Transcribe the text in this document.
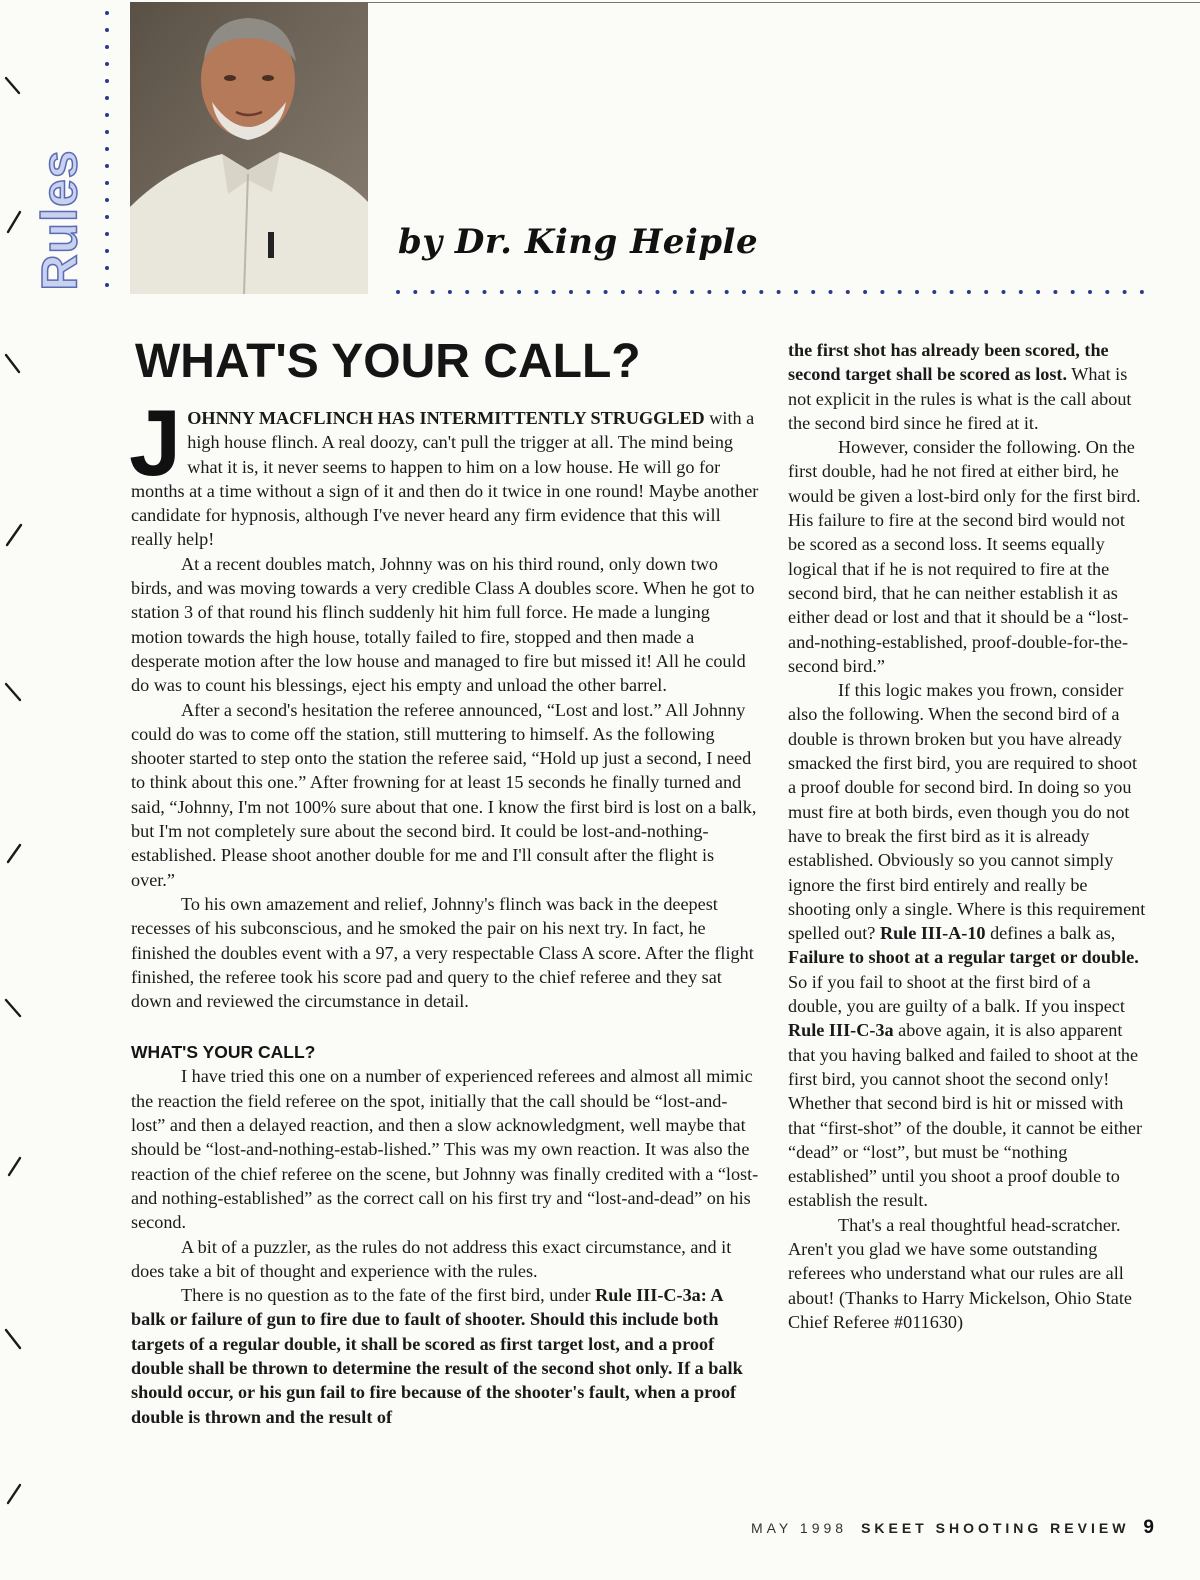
Rules	by Dr. King Heiple
WHAT'S YOUR CALL?

JOHNNY MACFLINCH HAS INTERMITTENTLY STRUGGLED with a high house flinch. A real doozy, can't pull the trigger at all. The mind being what it is, it never seems to happen to him on a low house. He will go for months at a time without a sign of it and then do it twice in one round! Maybe another candidate for hypnosis, although I've never heard any firm evidence that this will really help!

At a recent doubles match, Johnny was on his third round, only down two birds, and was moving towards a very credible Class A doubles score. When he got to station 3 of that round his flinch suddenly hit him full force. He made a lunging motion towards the high house, totally failed to fire, stopped and then made a desperate motion after the low house and managed to fire but missed it! All he could do was to count his blessings, eject his empty and unload the other barrel.

After a second's hesitation the referee announced, “Lost and lost.” All Johnny could do was to come off the station, still muttering to himself. As the following shooter started to step onto the station the referee said, “Hold up just a second, I need to think about this one.” After frowning for at least 15 seconds he finally turned and said, “Johnny, I'm not 100% sure about that one. I know the first bird is lost on a balk, but I'm not completely sure about the second bird. It could be lost-and-nothing-established. Please shoot another double for me and I'll consult after the flight is over.”

To his own amazement and relief, Johnny's flinch was back in the deepest recesses of his subconscious, and he smoked the pair on his next try. In fact, he finished the doubles event with a 97, a very respectable Class A score. After the flight finished, the referee took his score pad and query to the chief referee and they sat down and reviewed the circumstance in detail.

WHAT'S YOUR CALL?

I have tried this one on a number of experienced referees and almost all mimic the reaction the field referee on the spot, initially that the call should be “lost-and-lost” and then a delayed reaction, and then a slow acknowledgment, well maybe that should be “lost-and-nothing-estab-lished.” This was my own reaction. It was also the reaction of the chief referee on the scene, but Johnny was finally credited with a “lost-and nothing-established” as the correct call on his first try and “lost-and-dead” on his second.

A bit of a puzzler, as the rules do not address this exact circumstance, and it does take a bit of thought and experience with the rules.

There is no question as to the fate of the first bird, under Rule III-C-3a: A balk or failure of gun to fire due to fault of shooter. Should this include both targets of a regular double, it shall be scored as first target lost, and a proof double shall be thrown to determine the result of the second shot only. If a balk should occur, or his gun fail to fire because of the shooter's fault, when a proof double is thrown and the result of

the first shot has already been scored, the second target shall be scored as lost. What is not explicit in the rules is what is the call about the second bird since he fired at it.

However, consider the following. On the first double, had he not fired at either bird, he would be given a lost-bird only for the first bird. His failure to fire at the second bird would not be scored as a second loss. It seems equally logical that if he is not required to fire at the second bird, that he can neither establish it as either dead or lost and that it should be a “lost-and-nothing-established, proof-double-for-the-second bird.”

If this logic makes you frown, consider also the following. When the second bird of a double is thrown broken but you have already smacked the first bird, you are required to shoot a proof double for second bird. In doing so you must fire at both birds, even though you do not have to break the first bird as it is already established. Obviously so you cannot simply ignore the first bird entirely and really be shooting only a single. Where is this requirement spelled out? Rule III-A-10 defines a balk as, Failure to shoot at a regular target or double. So if you fail to shoot at the first bird of a double, you are guilty of a balk. If you inspect Rule III-C-3a above again, it is also apparent that you having balked and failed to shoot at the first bird, you cannot shoot the second only! Whether that second bird is hit or missed with that “first-shot” of the double, it cannot be either “dead” or “lost”, but must be “nothing established” until you shoot a proof double to establish the result.

That's a real thoughtful head-scratcher. Aren't you glad we have some outstanding referees who understand what our rules are all about! (Thanks to Harry Mickelson, Ohio State Chief Referee #011630)

MAY 1998 SKEET SHOOTING REVIEW 9
